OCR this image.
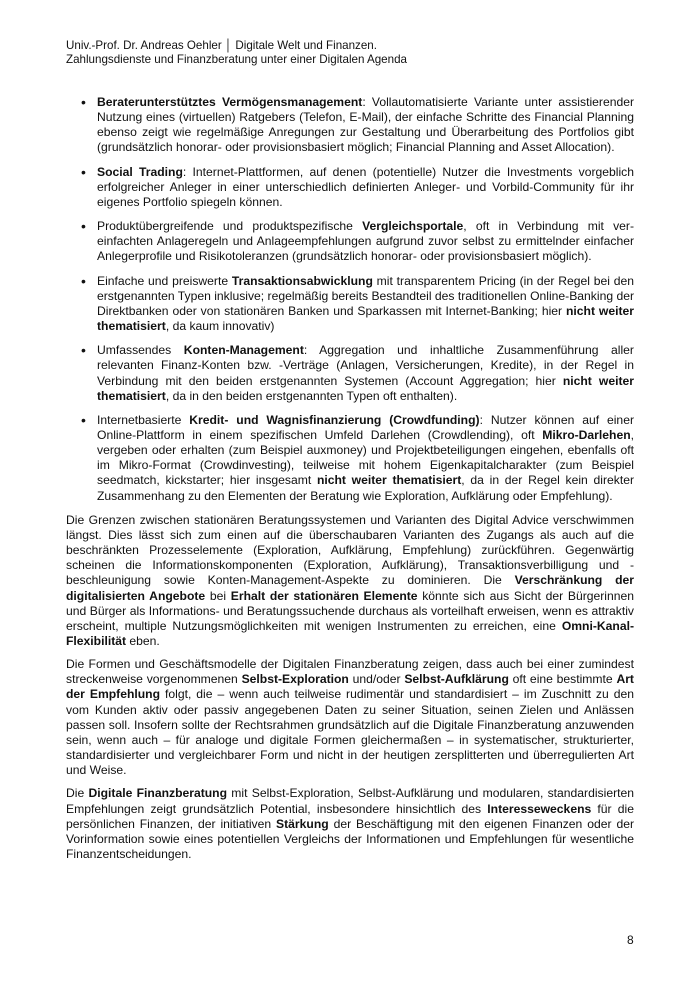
Univ.-Prof. Dr. Andreas Oehler │ Digitale Welt und Finanzen.
Zahlungsdienste und Finanzberatung unter einer Digitalen Agenda
• Beraterunterstütztes Vermögensmanagement: Vollautomatisierte Variante unter assistierender Nutzung eines (virtuellen) Ratgebers (Telefon, E-Mail), der einfache Schritte des Financial Planning ebenso zeigt wie regelmäßige Anregungen zur Gestaltung und Überarbeitung des Portfolios gibt (grundsätzlich honorar- oder provisionsbasiert möglich; Financial Planning and Asset Allocation).
• Social Trading: Internet-Plattformen, auf denen (potentielle) Nutzer die Investments vorgeblich erfolgreicher Anleger in einer unterschiedlich definierten Anleger- und Vorbild-Community für ihr eigenes Portfolio spiegeln können.
• Produktübergreifende und produktspezifische Vergleichsportale, oft in Verbindung mit vereinfachten Anlageregeln und Anlageempfehlungen aufgrund zuvor selbst zu ermittelnder einfacher Anlegerprofile und Risikotoleranzen (grundsätzlich honorar- oder provisionsbasiert möglich).
• Einfache und preiswerte Transaktionsabwicklung mit transparentem Pricing (in der Regel bei den erstgenannten Typen inklusive; regelmäßig bereits Bestandteil des traditionellen Online-Banking der Direktbanken oder von stationären Banken und Sparkassen mit Internet-Banking; hier nicht weiter thematisiert, da kaum innovativ)
• Umfassendes Konten-Management: Aggregation und inhaltliche Zusammenführung aller relevanten Finanz-Konten bzw. -Verträge (Anlagen, Versicherungen, Kredite), in der Regel in Verbindung mit den beiden erstgenannten Systemen (Account Aggregation; hier nicht weiter thematisiert, da in den beiden erstgenannten Typen oft enthalten).
• Internetbasierte Kredit- und Wagnisfinanzierung (Crowdfunding): Nutzer können auf einer Online-Plattform in einem spezifischen Umfeld Darlehen (Crowdlending), oft Mikro-Darlehen, vergeben oder erhalten (zum Beispiel auxmoney) und Projektbeteiligungen eingehen, ebenfalls oft im Mikro-Format (Crowdinvesting), teilweise mit hohem Eigenkapitalcharakter (zum Beispiel seedmatch, kickstarter; hier insgesamt nicht weiter thematisiert, da in der Regel kein direkter Zusammenhang zu den Elementen der Beratung wie Exploration, Aufklärung oder Empfehlung).

Die Grenzen zwischen stationären Beratungssystemen und Varianten des Digital Advice verschwimmen längst. Dies lässt sich zum einen auf die überschaubaren Varianten des Zugangs als auch auf die beschränkten Prozesselemente (Exploration, Aufklärung, Empfehlung) zurückführen. Gegenwärtig scheinen die Informationskomponenten (Exploration, Aufklärung), Transaktionsverbilligung und -beschleunigung sowie Konten-Management-Aspekte zu dominieren. Die Verschränkung der digitalisierten Angebote bei Erhalt der stationären Elemente könnte sich aus Sicht der Bürgerinnen und Bürger als Informations- und Beratungssuchende durchaus als vorteilhaft erweisen, wenn es attraktiv erscheint, multiple Nutzungsmöglichkeiten mit wenigen Instrumenten zu erreichen, eine Omni-Kanal-Flexibilität eben.

Die Formen und Geschäftsmodelle der Digitalen Finanzberatung zeigen, dass auch bei einer zumindest streckenweise vorgenommenen Selbst-Exploration und/oder Selbst-Aufklärung oft eine bestimmte Art der Empfehlung folgt, die – wenn auch teilweise rudimentär und standardisiert – im Zuschnitt zu den vom Kunden aktiv oder passiv angegebenen Daten zu seiner Situation, seinen Zielen und Anlässen passen soll. Insofern sollte der Rechtsrahmen grundsätzlich auf die Digitale Finanzberatung anzuwenden sein, wenn auch – für analoge und digitale Formen gleichermaßen – in systematischer, strukturierter, standardisierter und vergleichbarer Form und nicht in der heutigen zersplitterten und überregulierten Art und Weise.

Die Digitale Finanzberatung mit Selbst-Exploration, Selbst-Aufklärung und modularen, standardisierten Empfehlungen zeigt grundsätzlich Potential, insbesondere hinsichtlich des Interesseweckens für die persönlichen Finanzen, der initiativen Stärkung der Beschäftigung mit den eigenen Finanzen oder der Vorinformation sowie eines potentiellen Vergleichs der Informationen und Empfehlungen für wesentliche Finanzentscheidungen.

8
